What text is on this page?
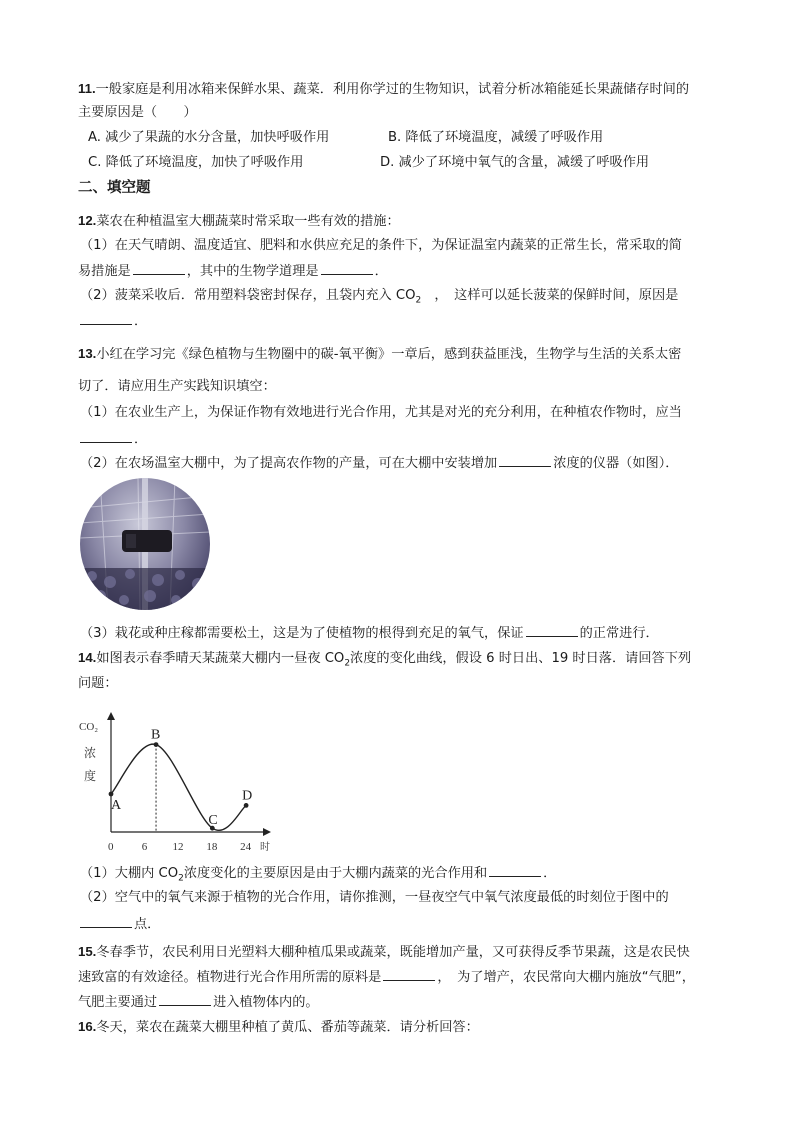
11.一般家庭是利用冰箱来保鲜水果、蔬菜．利用你学过的生物知识，试着分析冰箱能延长果蔬储存时间的
主要原因是（　　）
A. 减少了果蔬的水分含量，加快呼吸作用	B. 降低了环境温度，减缓了呼吸作用
C. 降低了环境温度，加快了呼吸作用	D. 减少了环境中氧气的含量，减缓了呼吸作用
二、填空题
12.菜农在种植温室大棚蔬菜时常采取一些有效的措施：
（1）在天气晴朗、温度适宜、肥料和水供应充足的条件下，为保证温室内蔬菜的正常生长，常采取的简
易措施是	，其中的生物学道理是	．
（2）菠菜采收后．常用塑料袋密封保存，且袋内充入 $CO_2$　，　这样可以延长菠菜的保鲜时间，原因是
．
13.小红在学习完《绿色植物与生物圈中的碳-氧平衡》一章后，感到获益匪浅，生物学与生活的关系太密
切了．请应用生产实践知识填空：
（1）在农业生产上，为保证作物有效地进行光合作用，尤其是对光的充分利用，在种植农作物时，应当
．
（2）在农场温室大棚中，为了提高农作物的产量，可在大棚中安装增加	浓度的仪器（如图）．
（3）栽花或种庄稼都需要松土，这是为了使植物的根得到充足的氧气，保证	的正常进行．
14.如图表示春季晴天某蔬菜大棚内一昼夜 $CO_2$浓度的变化曲线，假设 6 时日出、19 时日落．请回答下列
问题：
CO₂
浓
度
时
0	6 12 18 24
A
B
C
D
（1）大棚内 $CO_2$浓度变化的主要原因是由于大棚内蔬菜的光合作用和	．
（2）空气中的氧气来源于植物的光合作用，请你推测，一昼夜空气中氧气浓度最低的时刻位于图中的
点．
15.冬春季节，农民利用日光塑料大棚种植瓜果或蔬菜，既能增加产量，又可获得反季节果蔬，这是农民快
速致富的有效途径。植物进行光合作用所需的原料是	，　为了增产，农民常向大棚内施放“气肥”，
气肥主要通过	进入植物体内的。
16.冬天，菜农在蔬菜大棚里种植了黄瓜、番茄等蔬菜．请分析回答：
